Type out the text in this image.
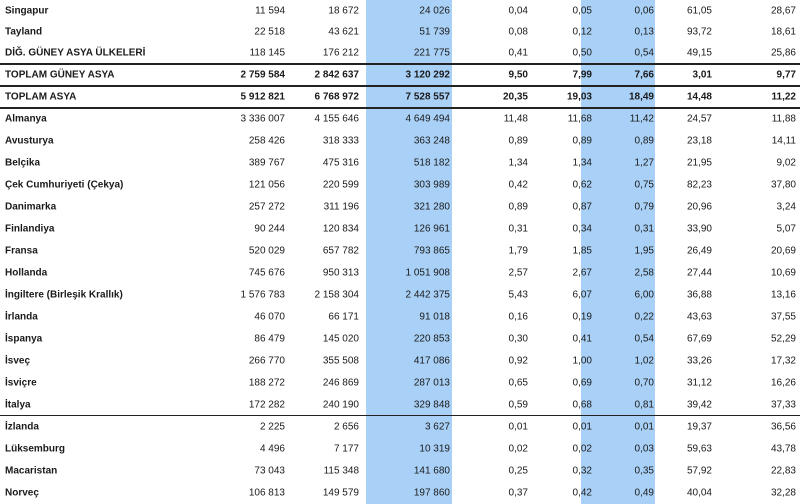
Singapur	11 594	18 672	24 026	0,04	0,05	0,06	61,05	28,67
Tayland	22 518	43 621	51 739	0,08	0,12	0,13	93,72	18,61
DİĞ. GÜNEY ASYA ÜLKELERİ	118 145	176 212	221 775	0,41	0,50	0,54	49,15	25,86
TOPLAM GÜNEY ASYA	2 759 584	2 842 637	3 120 292	9,50	7,99	7,66	3,01	9,77
TOPLAM ASYA	5 912 821	6 768 972	7 528 557	20,35	19,03	18,49	14,48	11,22
Almanya	3 336 007	4 155 646	4 649 494	11,48	11,68	11,42	24,57	11,88
Avusturya	258 426	318 333	363 248	0,89	0,89	0,89	23,18	14,11
Belçika	389 767	475 316	518 182	1,34	1,34	1,27	21,95	9,02
Çek Cumhuriyeti (Çekya)	121 056	220 599	303 989	0,42	0,62	0,75	82,23	37,80
Danimarka	257 272	311 196	321 280	0,89	0,87	0,79	20,96	3,24
Finlandiya	90 244	120 834	126 961	0,31	0,34	0,31	33,90	5,07
Fransa	520 029	657 782	793 865	1,79	1,85	1,95	26,49	20,69
Hollanda	745 676	950 313	1 051 908	2,57	2,67	2,58	27,44	10,69
İngiltere (Birleşik Krallık)	1 576 783	2 158 304	2 442 375	5,43	6,07	6,00	36,88	13,16
İrlanda	46 070	66 171	91 018	0,16	0,19	0,22	43,63	37,55
İspanya	86 479	145 020	220 853	0,30	0,41	0,54	67,69	52,29
İsveç	266 770	355 508	417 086	0,92	1,00	1,02	33,26	17,32
İsviçre	188 272	246 869	287 013	0,65	0,69	0,70	31,12	16,26
İtalya	172 282	240 190	329 848	0,59	0,68	0,81	39,42	37,33
İzlanda	2 225	2 656	3 627	0,01	0,01	0,01	19,37	36,56
Lüksemburg	4 496	7 177	10 319	0,02	0,02	0,03	59,63	43,78
Macaristan	73 043	115 348	141 680	0,25	0,32	0,35	57,92	22,83
Norveç	106 813	149 579	197 860	0,37	0,42	0,49	40,04	32,28
